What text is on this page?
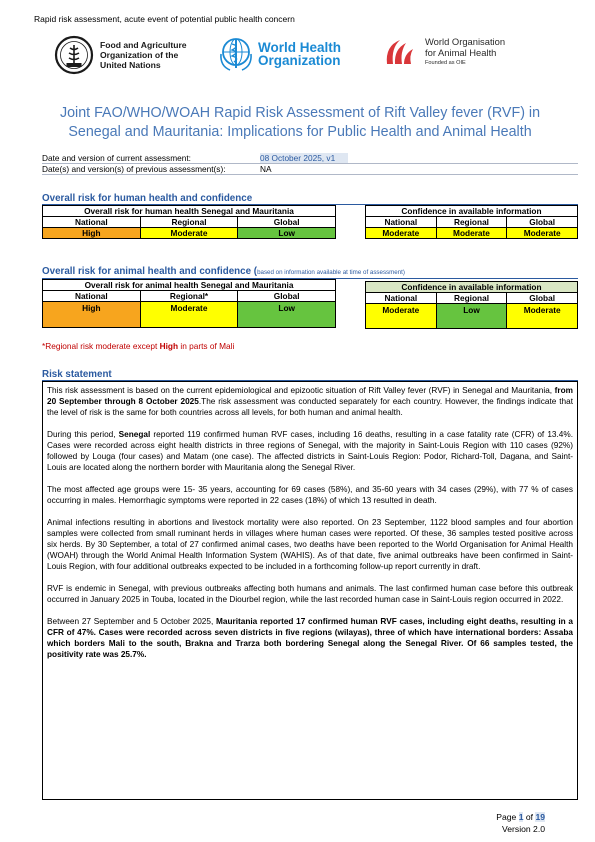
Rapid risk assessment, acute event of potential public health concern
Food and Agriculture
Organization of the
United Nations
World Health
Organization
World Organisation
for Animal Health
Founded as OIE
Joint FAO/WHO/WOAH Rapid Risk Assessment of Rift Valley fever (RVF) in Senegal and Mauritania: Implications for Public Health and Animal Health
Date and version of current assessment:	08 October 2025, v1
Date(s) and version(s) of previous assessment(s):	NA
Overall risk for human health and confidence
Overall risk for human health Senegal and Mauritania		
National	Regional	Global
High	Moderate	Low
Confidence in available information		
National	Regional	Global
Moderate	Moderate	Moderate
Overall risk for animal health and confidence (based on information available at time of assessment)
Overall risk for animal health Senegal and Mauritania		
National	Regional*	Global
High	Moderate	Low
Confidence in available information		
National	Regional	Global
Moderate	Low	Moderate
*Regional risk moderate except High in parts of Mali
Risk statement

This risk assessment is based on the current epidemiological and epizootic situation of Rift Valley fever (RVF) in Senegal and Mauritania, from 20 September through 8 October 2025.The risk assessment was conducted separately for each country. However, the findings indicate that the level of risk is the same for both countries across all levels, for both human and animal health.

During this period, Senegal reported 119 confirmed human RVF cases, including 16 deaths, resulting in a case fatality rate (CFR) of 13.4%. Cases were recorded across eight health districts in three regions of Senegal, with the majority in Saint-Louis Region with 110 cases (92%) followed by Louga (four cases) and Matam (one case). The affected districts in Saint-Louis Region: Podor, Richard-Toll, Dagana, and Saint-Louis are located along the northern border with Mauritania along the Senegal River.

The most affected age groups were 15- 35 years, accounting for 69 cases (58%), and 35-60 years with 34 cases (29%), with 77 % of cases occurring in males. Hemorrhagic symptoms were reported in 22 cases (18%) of which 13 resulted in death.

Animal infections resulting in abortions and livestock mortality were also reported. On 23 September, 1122 blood samples and four abortion samples were collected from small ruminant herds in villages where human cases were reported. Of these, 36 samples tested positive across six herds. By 30 September, a total of 27 confirmed animal cases, two deaths have been reported to the World Organisation for Animal Health (WOAH) through the World Animal Health Information System (WAHIS). As of that date, five animal outbreaks have been confirmed in Saint-Louis Region, with four additional outbreaks expected to be included in a forthcoming follow-up report currently in draft.

RVF is endemic in Senegal, with previous outbreaks affecting both humans and animals. The last confirmed human case before this outbreak occurred in January 2025 in Touba, located in the Diourbel region, while the last recorded human case in Saint-Louis region occurred in 2022.

Between 27 September and 5 October 2025, Mauritania reported 17 confirmed human RVF cases, including eight deaths, resulting in a CFR of 47%. Cases were recorded across seven districts in five regions (wilayas), three of which have international borders: Assaba which borders Mali to the south, Brakna and Trarza both bordering Senegal along the Senegal River. Of 66 samples tested, the positivity rate was 25.7%.

Page 1 of 19
Version 2.0
